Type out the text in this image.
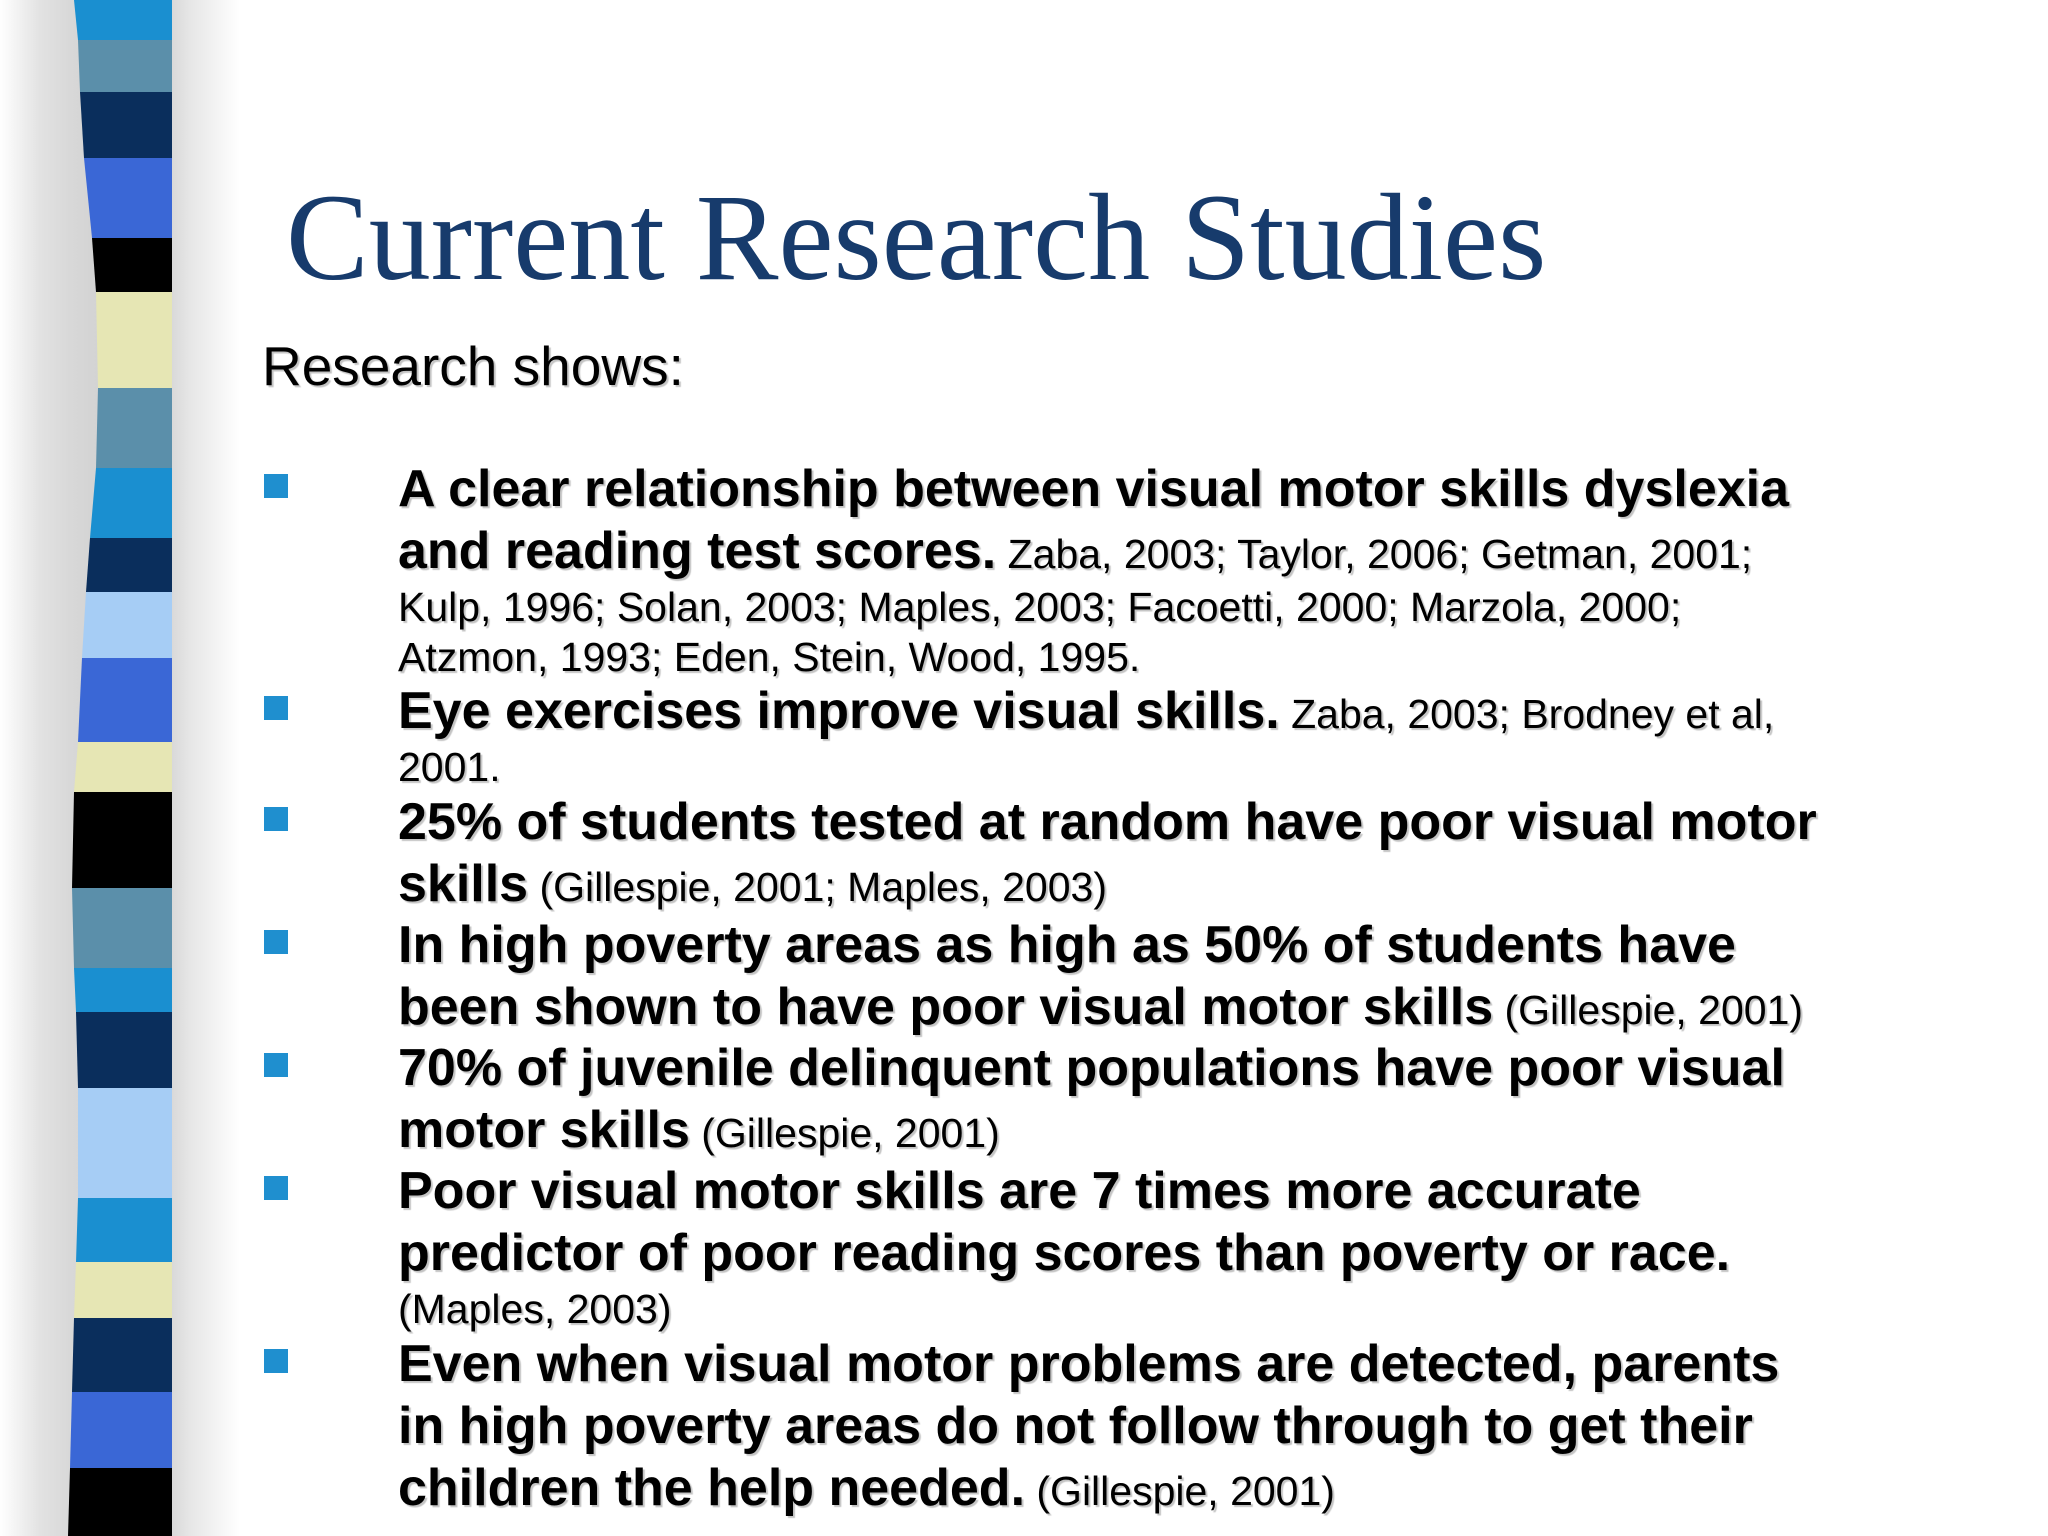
Current Research Studies

Research shows:

A clear relationship between visual motor skills dyslexia
and reading test scores. Zaba, 2003; Taylor, 2006; Getman, 2001;
Kulp, 1996; Solan, 2003; Maples, 2003; Facoetti, 2000; Marzola, 2000;
Atzmon, 1993; Eden, Stein, Wood, 1995.
Eye exercises improve visual skills. Zaba, 2003; Brodney et al,
2001.
25% of students tested at random have poor visual motor
skills (Gillespie, 2001; Maples, 2003)
In high poverty areas as high as 50% of students have
been shown to have poor visual motor skills (Gillespie, 2001)
70% of juvenile delinquent populations have poor visual
motor skills (Gillespie, 2001)
Poor visual motor skills are 7 times more accurate
predictor of poor reading scores than poverty or race.
(Maples, 2003)
Even when visual motor problems are detected, parents
in high poverty areas do not follow through to get their
children the help needed. (Gillespie, 2001)
